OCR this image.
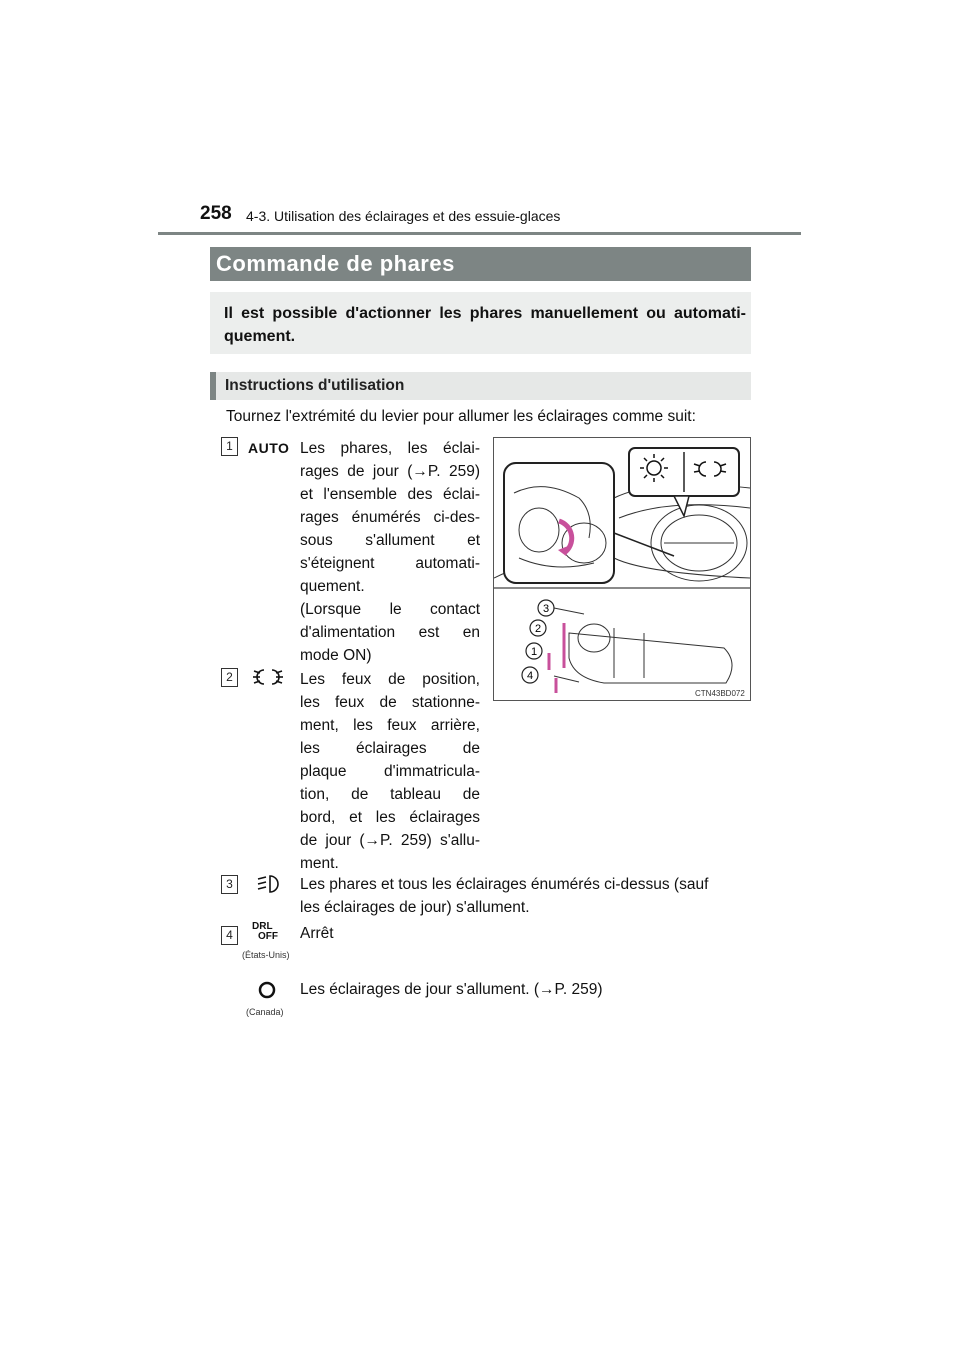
258 4-3. Utilisation des éclairages et des essuie-glaces
Commande de phares
Il est possible d'actionner les phares manuellement ou automati-quement.
Instructions d'utilisation
Tournez l'extrémité du levier pour allumer les éclairages comme suit:
1	AUTO Les phares, les éclai-
rages de jour (→P. 259)
et l'ensemble des éclai-
rages énumérés ci-des-
sous s'allument et
s'éteignent automati-
quement.
(Lorsque le contact
d'alimentation est en
mode ON)
2	Les feux de position,
les feux de stationne-
ment, les feux arrière,
les éclairages de
plaque d'immatricula-
tion, de tableau de
bord, et les éclairages
de jour (→P. 259) s'allu-
ment.
3
2
1
4
CTN43BD072
3	Les phares et tous les éclairages énumérés ci-dessus (sauf
les éclairages de jour) s'allument.
4
DRL
OFF
(États-Unis)
Arrêt
(Canada)
Les éclairages de jour s'allument. (→P. 259)
